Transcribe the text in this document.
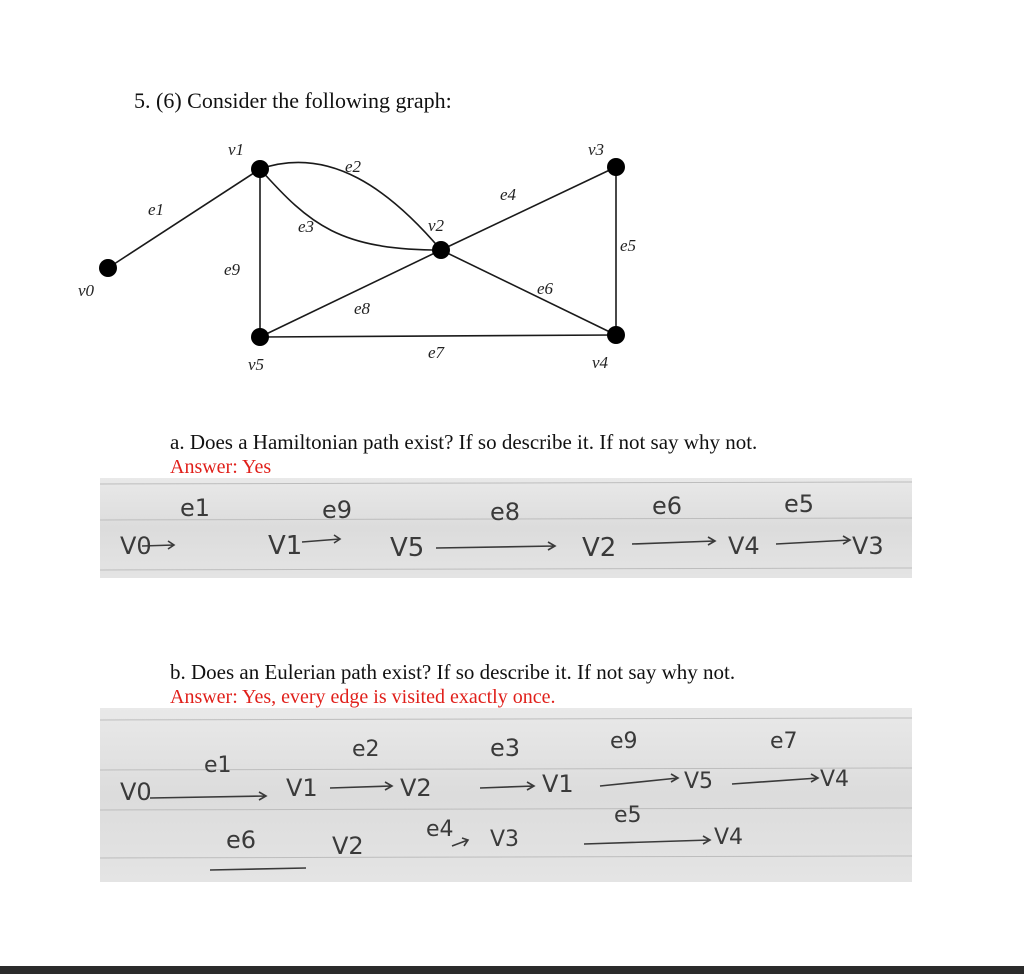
5. (6) Consider the following graph:
v0
v1
v2
v3
v4
v5
e1
e2
e3
e4
e5
e6
e7
e8
e9
a. Does a Hamiltonian path exist? If so describe it. If not say why not.
Answer: Yes
V0	V1	V5	V2	V4	V3
e1	e9	e8	e6	e5
b. Does an Eulerian path exist? If so describe it. If not say why not.
Answer: Yes, every edge is visited exactly once.
V0	V1	V2	V1	V5	V4
e1
e2	e3	e9	e7
e6	V2
e4 V3
e5
V4
